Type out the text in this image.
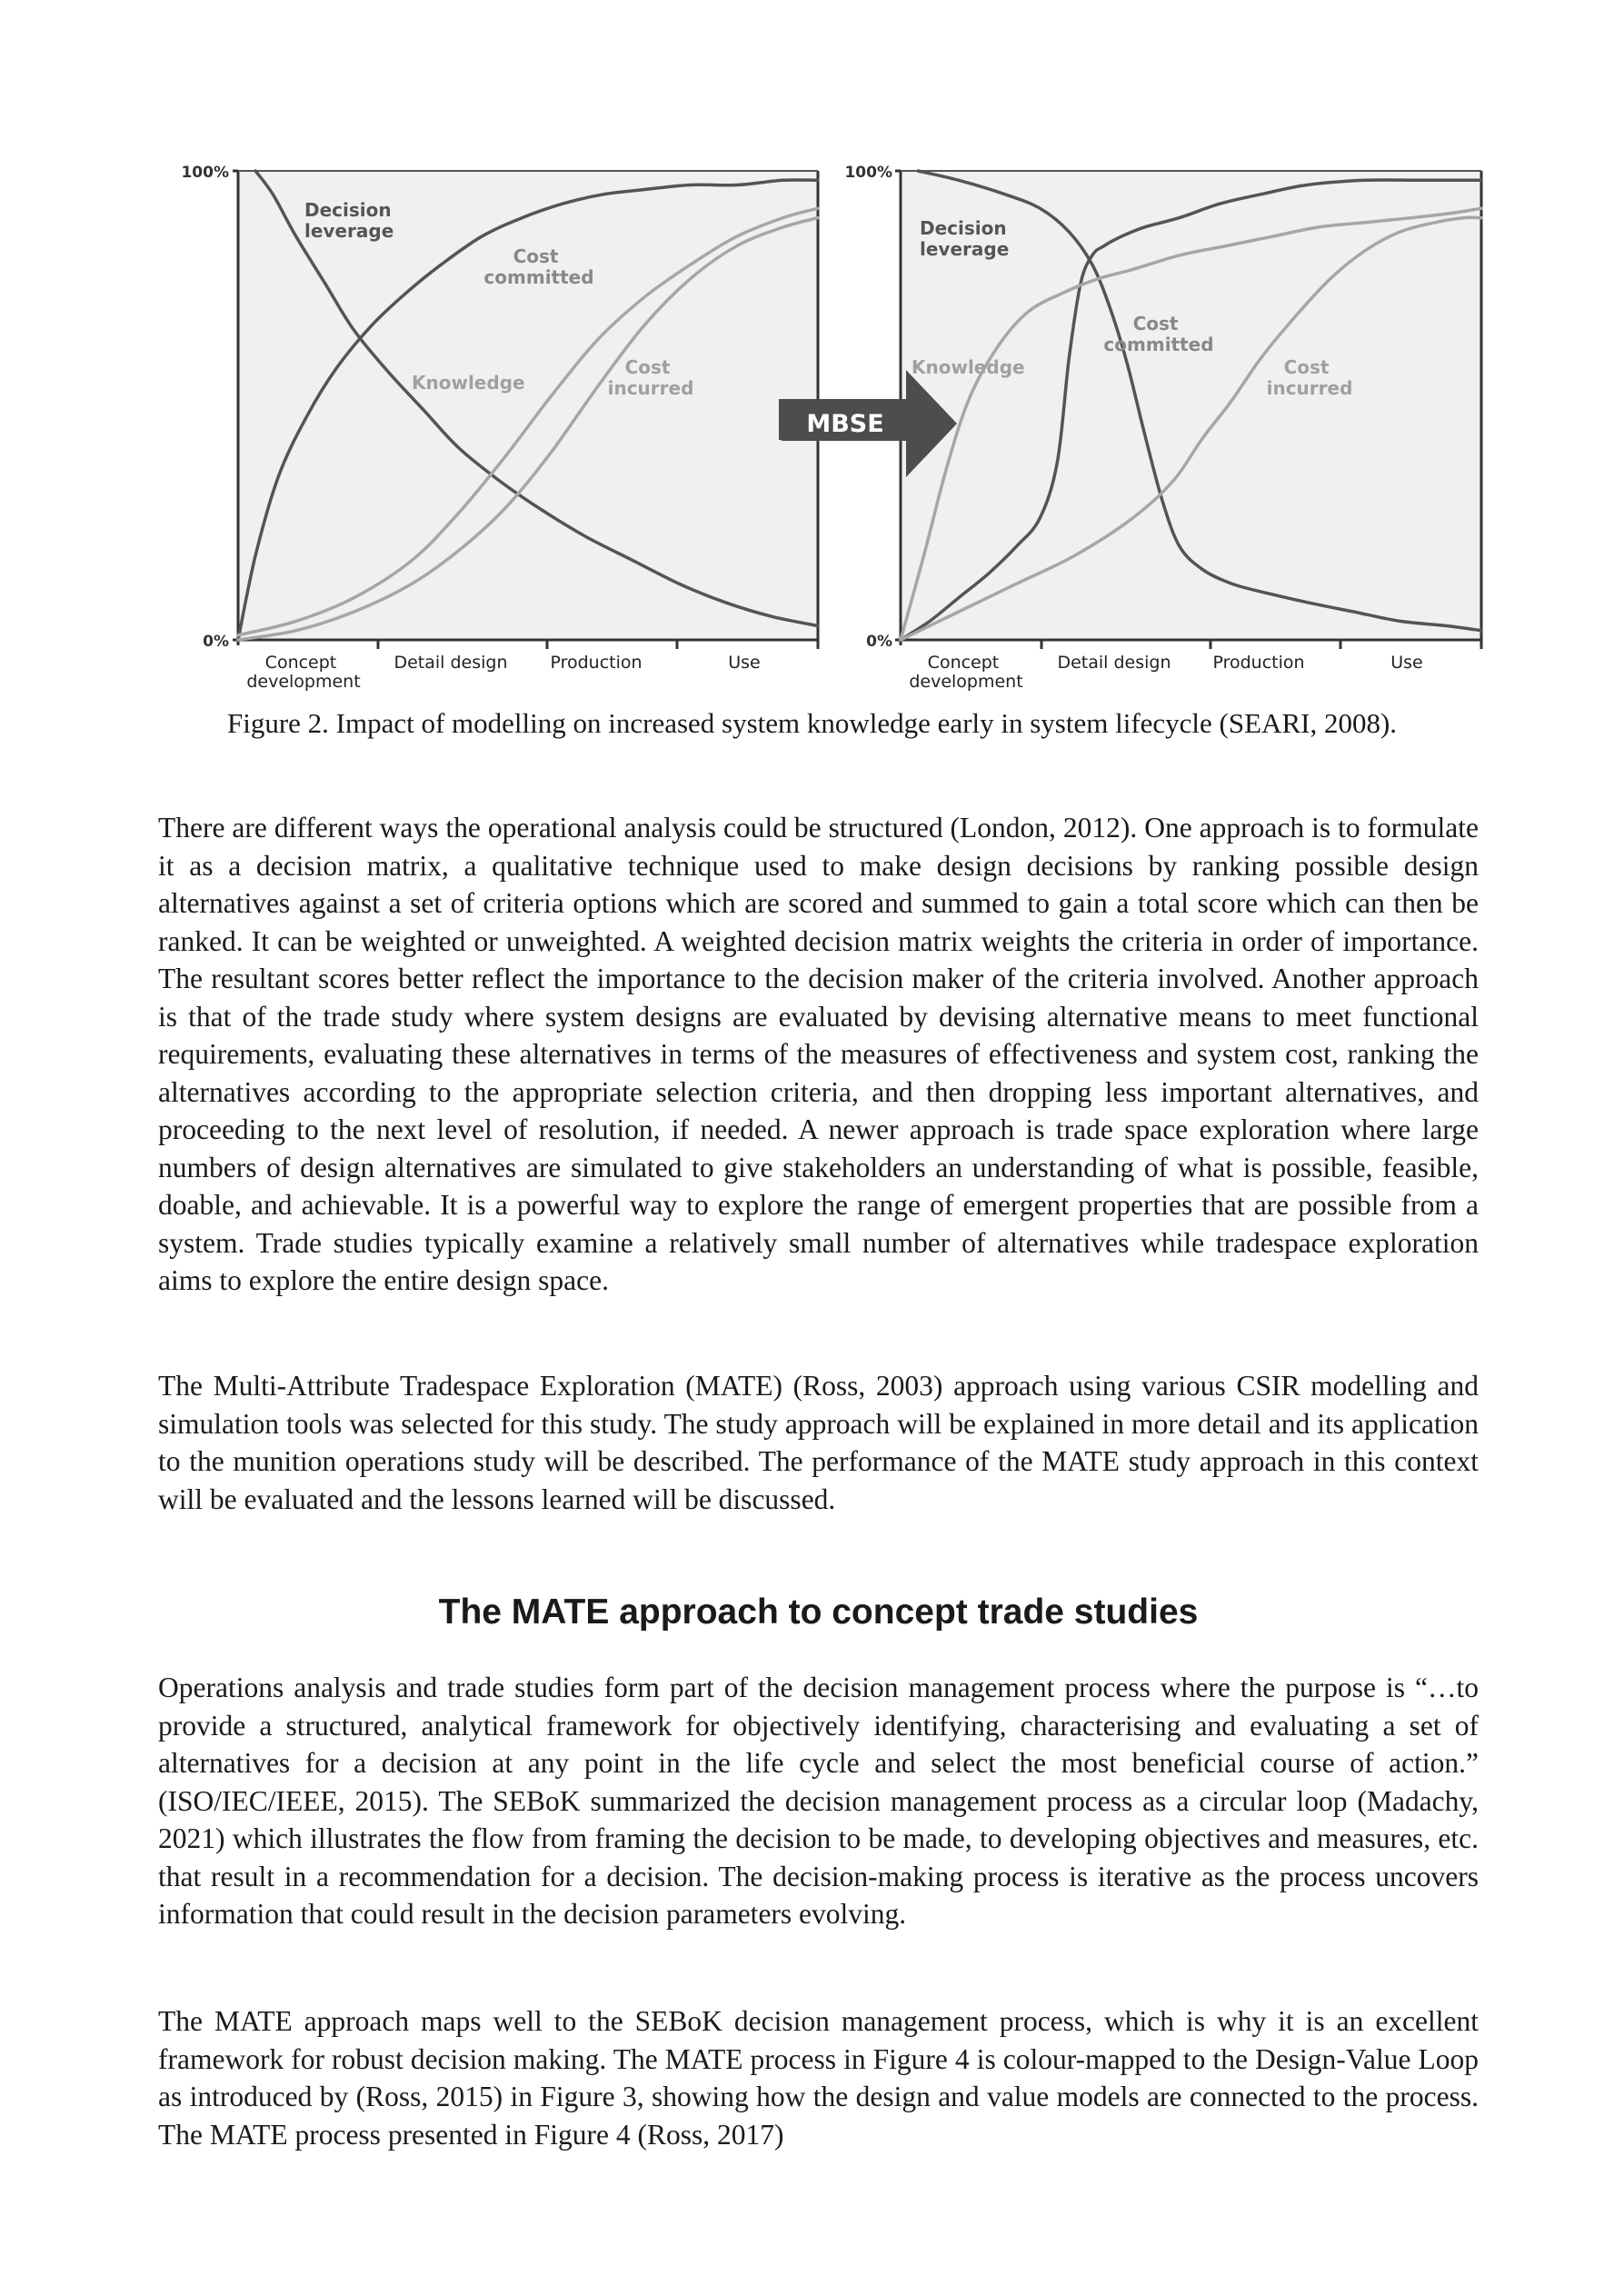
100%
0%
100%
0%
Decision leverage
Cost committed
Knowledge
Cost incurred
Decision leverage
Cost committed
Knowledge	Cost incurred
MBSE
Concept development
Detail design Production	Use	Concept development
Detail design Production	Use
Figure 2. Impact of modelling on increased system knowledge early in system lifecycle (SEARI, 2008).

There are different ways the operational analysis could be structured (London, 2012). One approach is to formulate it as a decision matrix, a qualitative technique used to make design decisions by ranking possible design alternatives against a set of criteria options which are scored and summed to gain a total score which can then be ranked. It can be weighted or unweighted. A weighted decision matrix weights the criteria in order of importance. The resultant scores better reflect the importance to the decision maker of the criteria involved. Another approach is that of the trade study where system designs are evaluated by devising alternative means to meet functional requirements, evaluating these alternatives in terms of the measures of effectiveness and system cost, ranking the alternatives according to the appropriate selection criteria, and then dropping less important alternatives, and proceeding to the next level of resolution, if needed. A newer approach is trade space exploration where large numbers of design alternatives are simulated to give stakeholders an understanding of what is possible, feasible, doable, and achievable. It is a powerful way to explore the range of emergent properties that are possible from a system. Trade studies typically examine a relatively small number of alternatives while tradespace exploration aims to explore the entire design space.

The Multi-Attribute Tradespace Exploration (MATE) (Ross, 2003) approach using various CSIR modelling and simulation tools was selected for this study. The study approach will be explained in more detail and its application to the munition operations study will be described. The performance of the MATE study approach in this context will be evaluated and the lessons learned will be discussed.

The MATE approach to concept trade studies

Operations analysis and trade studies form part of the decision management process where the purpose is “…to provide a structured, analytical framework for objectively identifying, characterising and evaluating a set of alternatives for a decision at any point in the life cycle and select the most beneficial course of action.” (ISO/IEC/IEEE, 2015). The SEBoK summarized the decision management process as a circular loop (Madachy, 2021) which illustrates the flow from framing the decision to be made, to developing objectives and measures, etc. that result in a recommendation for a decision. The decision-making process is iterative as the process uncovers information that could result in the decision parameters evolving.

The MATE approach maps well to the SEBoK decision management process, which is why it is an excellent framework for robust decision making. The MATE process in Figure 4 is colour-mapped to the Design-Value Loop as introduced by (Ross, 2015) in Figure 3, showing how the design and value models are connected to the process. The MATE process presented in Figure 4 (Ross, 2017)
